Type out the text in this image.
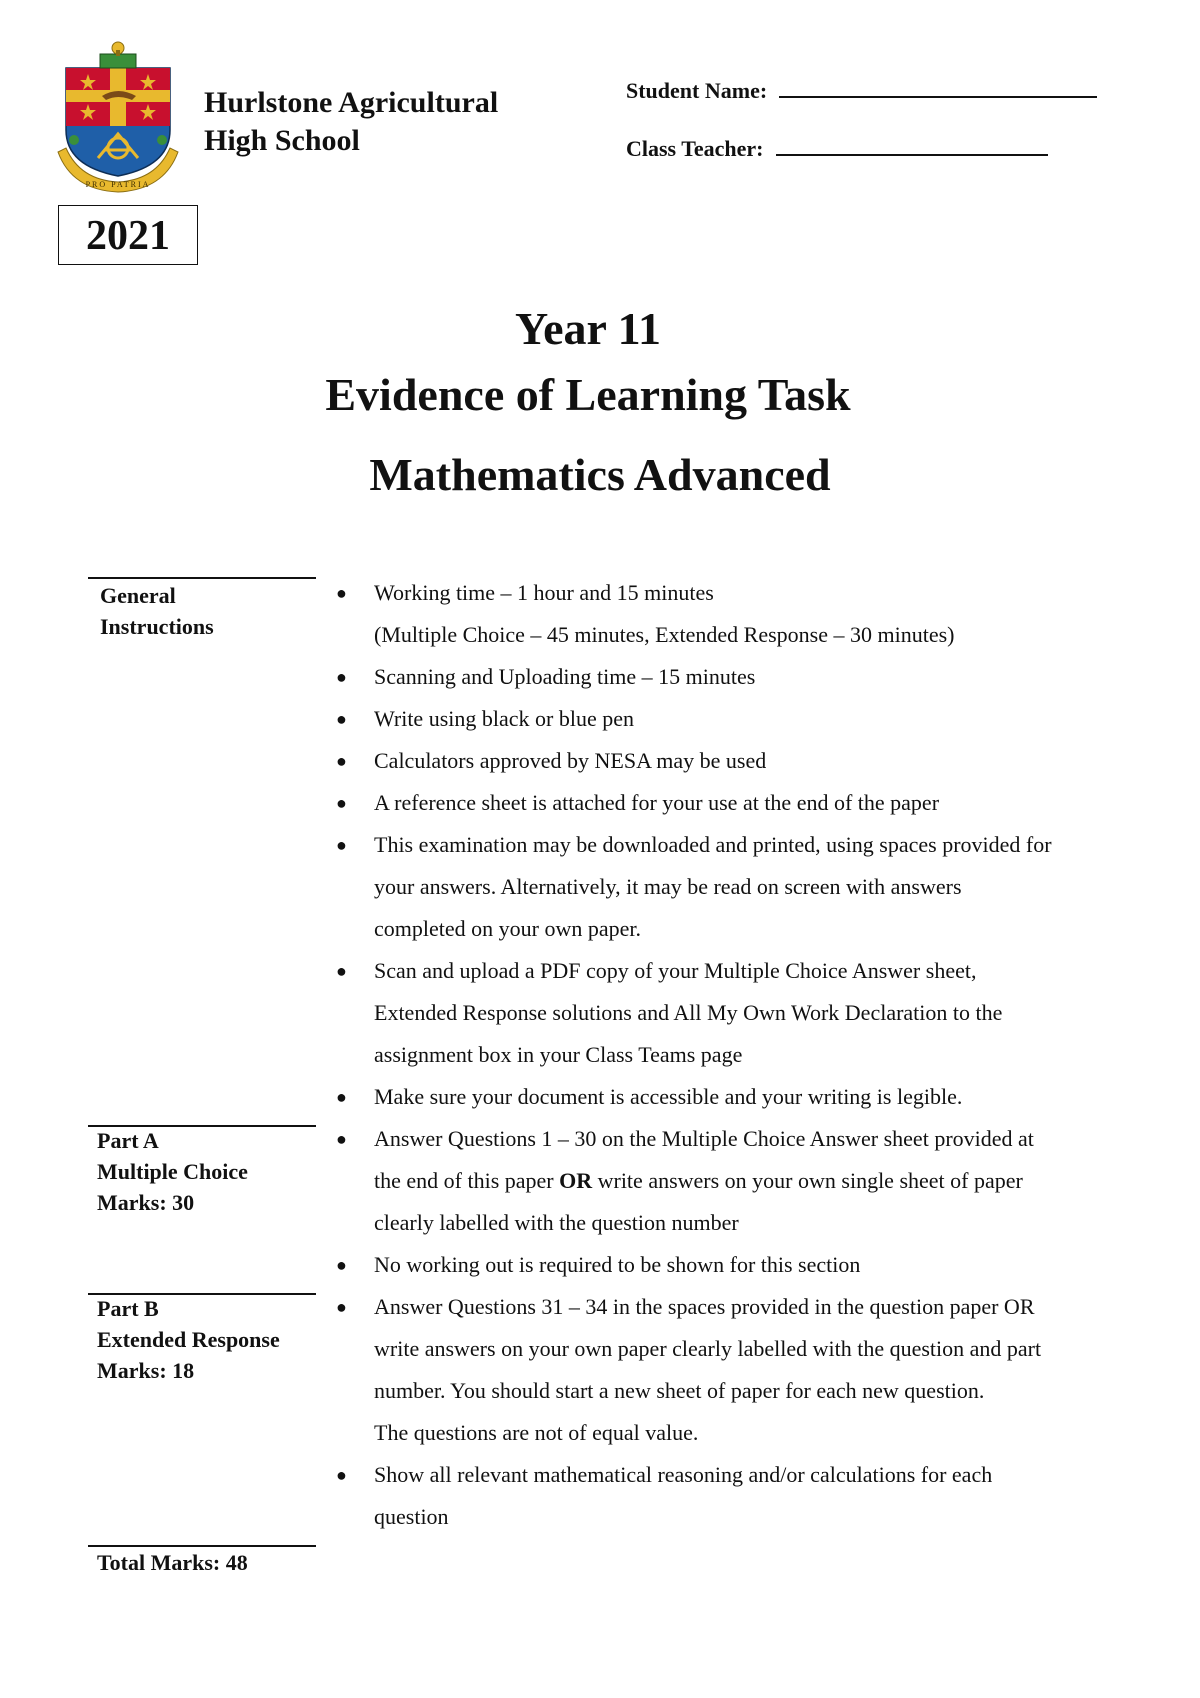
PRO PATRIA
Hurlstone Agricultural
High School
Student Name:
Class Teacher:
2021
Year 11
Evidence of Learning Task
Mathematics Advanced
General
Instructions
Part A
Multiple Choice
Marks: 30
Part B
Extended Response
Marks: 18
Total Marks: 48
● Working time – 1 hour and 15 minutes
(Multiple Choice – 45 minutes, Extended Response – 30 minutes)
● Scanning and Uploading time – 15 minutes
● Write using black or blue pen
● Calculators approved by NESA may be used
● A reference sheet is attached for your use at the end of the paper
● This examination may be downloaded and printed, using spaces provided for
your answers. Alternatively, it may be read on screen with answers
completed on your own paper.
● Scan and upload a PDF copy of your Multiple Choice Answer sheet,
Extended Response solutions and All My Own Work Declaration to the
assignment box in your Class Teams page
● Make sure your document is accessible and your writing is legible.
● Answer Questions 1 – 30 on the Multiple Choice Answer sheet provided at
the end of this paper OR write answers on your own single sheet of paper
clearly labelled with the question number
● No working out is required to be shown for this section
● Answer Questions 31 – 34 in the spaces provided in the question paper OR
write answers on your own paper clearly labelled with the question and part
number. You should start a new sheet of paper for each new question.
The questions are not of equal value.
● Show all relevant mathematical reasoning and/or calculations for each
question
